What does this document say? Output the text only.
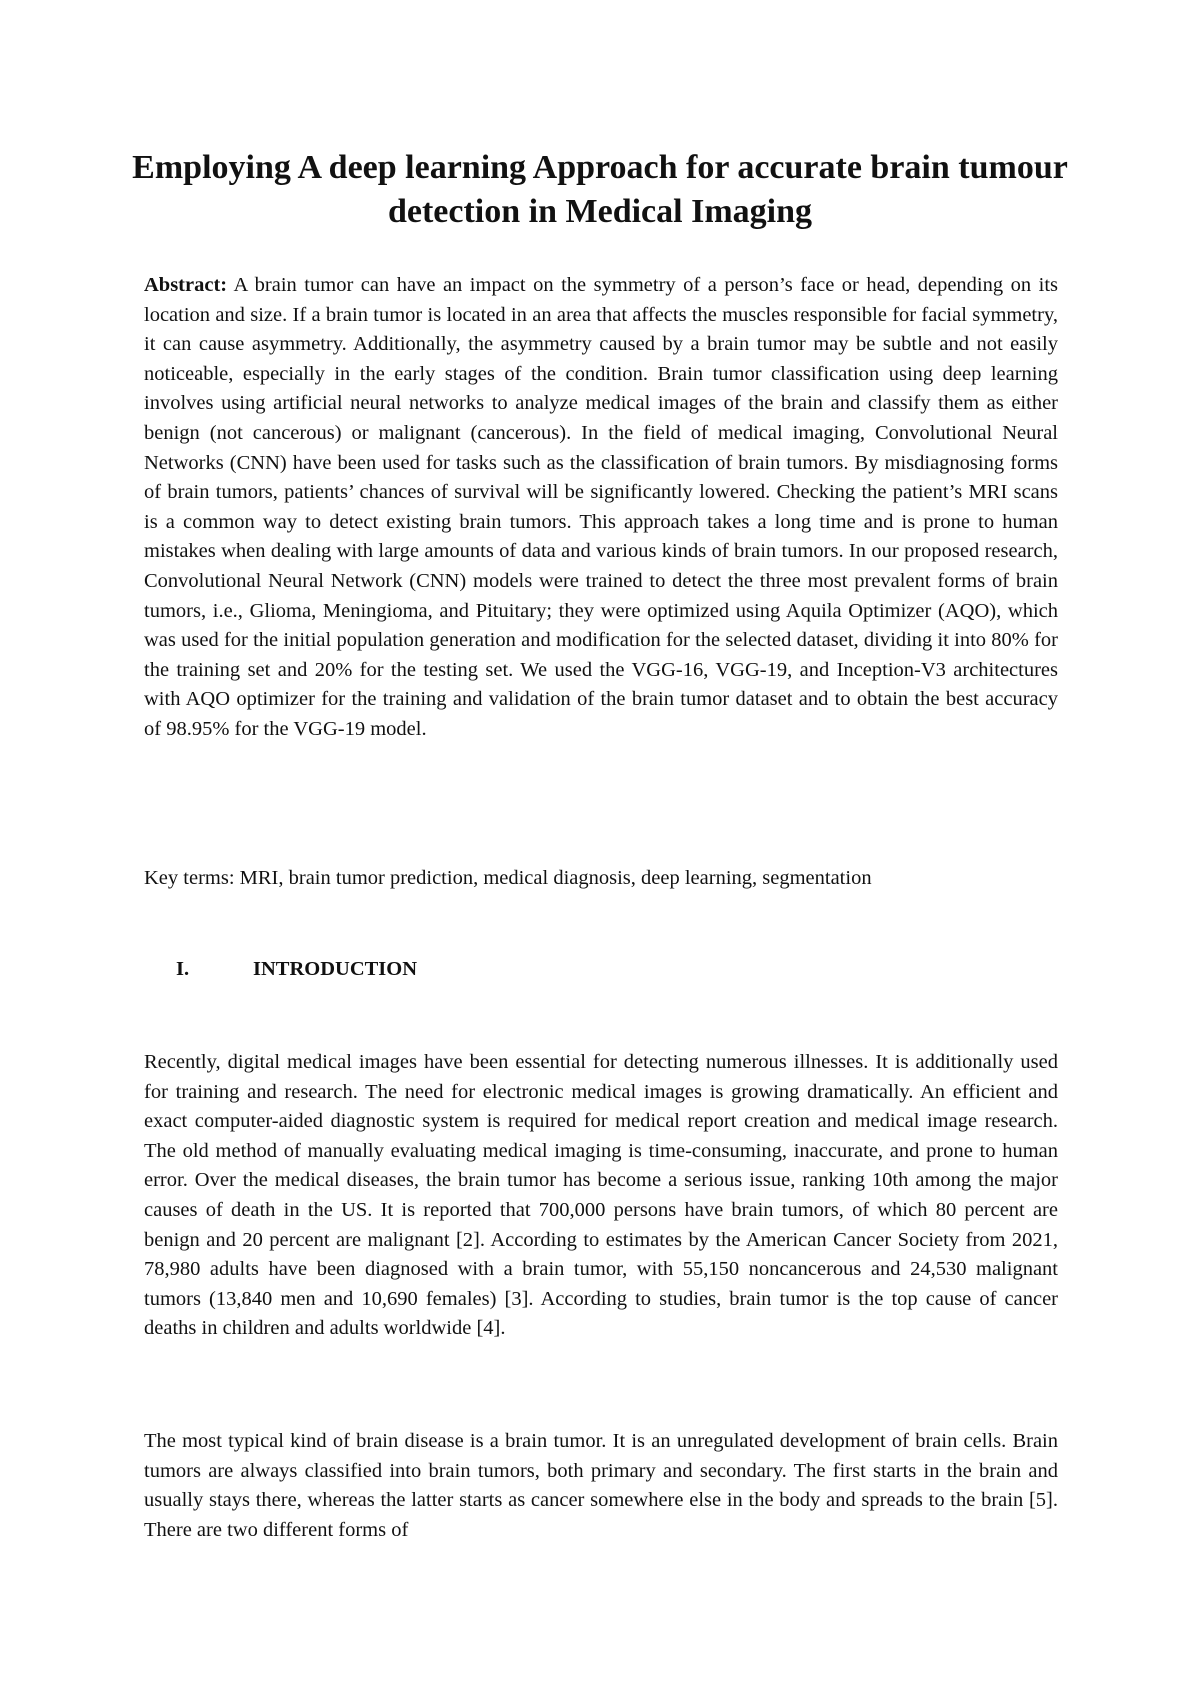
Employing A deep learning Approach for accurate brain tumour detection in Medical Imaging

Abstract: A brain tumor can have an impact on the symmetry of a person’s face or head, depending on its location and size. If a brain tumor is located in an area that affects the muscles responsible for facial symmetry, it can cause asymmetry. Additionally, the asymmetry caused by a brain tumor may be subtle and not easily noticeable, especially in the early stages of the condition. Brain tumor classification using deep learning involves using artificial neural networks to analyze medical images of the brain and classify them as either benign (not cancerous) or malignant (cancerous). In the field of medical imaging, Convolutional Neural Networks (CNN) have been used for tasks such as the classification of brain tumors. By misdiagnosing forms of brain tumors, patients’ chances of survival will be significantly lowered. Checking the patient’s MRI scans is a common way to detect existing brain tumors. This approach takes a long time and is prone to human mistakes when dealing with large amounts of data and various kinds of brain tumors. In our proposed research, Convolutional Neural Network (CNN) models were trained to detect the three most prevalent forms of brain tumors, i.e., Glioma, Meningioma, and Pituitary; they were optimized using Aquila Optimizer (AQO), which was used for the initial population generation and modification for the selected dataset, dividing it into 80% for the training set and 20% for the testing set. We used the VGG-16, VGG-19, and Inception-V3 architectures with AQO optimizer for the training and validation of the brain tumor dataset and to obtain the best accuracy of 98.95% for the VGG-19 model.

Key terms: MRI, brain tumor prediction, medical diagnosis, deep learning, segmentation

I.	INTRODUCTION

Recently, digital medical images have been essential for detecting numerous illnesses. It is additionally used for training and research. The need for electronic medical images is growing dramatically. An efficient and exact computer-aided diagnostic system is required for medical report creation and medical image research. The old method of manually evaluating medical imaging is time-consuming, inaccurate, and prone to human error. Over the medical diseases, the brain tumor has become a serious issue, ranking 10th among the major causes of death in the US. It is reported that 700,000 persons have brain tumors, of which 80 percent are benign and 20 percent are malignant [2]. According to estimates by the American Cancer Society from 2021, 78,980 adults have been diagnosed with a brain tumor, with 55,150 noncancerous and 24,530 malignant tumors (13,840 men and 10,690 females) [3]. According to studies, brain tumor is the top cause of cancer deaths in children and adults worldwide [4].

The most typical kind of brain disease is a brain tumor. It is an unregulated development of brain cells. Brain tumors are always classified into brain tumors, both primary and secondary. The first starts in the brain and usually stays there, whereas the latter starts as cancer somewhere else in the body and spreads to the brain [5]. There are two different forms of
